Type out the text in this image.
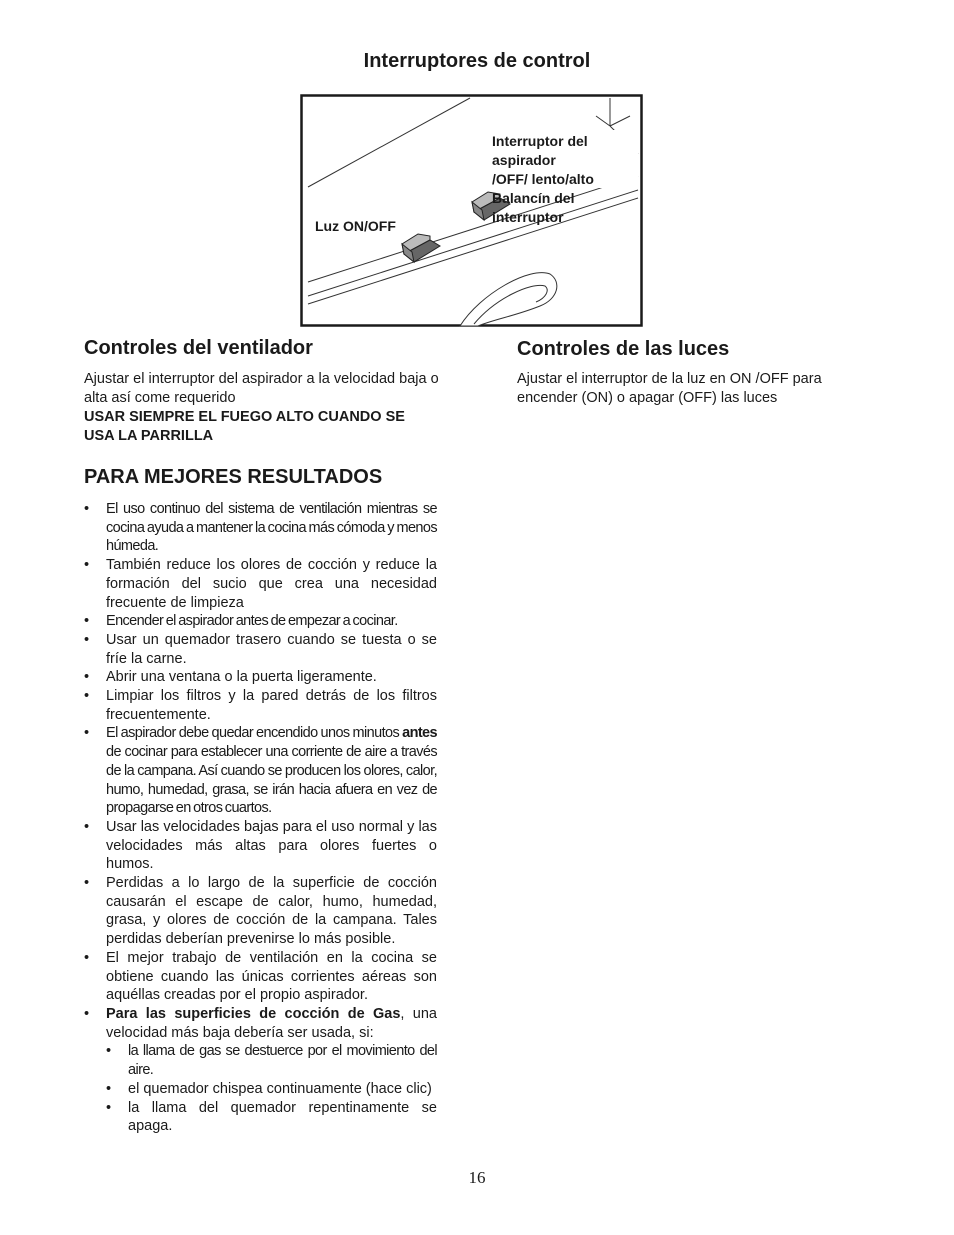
Interruptores de control
Interruptor del aspirador
/OFF/ lento/alto
Balancín del interruptor
Luz ON/OFF
Controles del ventilador
Ajustar el interruptor del aspirador a la velocidad baja o alta así come requerido
USAR SIEMPRE EL FUEGO ALTO CUANDO SE USA LA PARRILLA
Controles de las luces
Ajustar el interruptor de la luz en ON /OFF para encender (ON) o apagar (OFF) las luces
PARA MEJORES RESULTADOS
• El uso continuo del sistema de ventilación mientras se cocina ayuda a mantener la cocina más cómoda y menos húmeda.
• También reduce los olores de cocción y reduce la formación del sucio que crea una necesidad frecuente de limpieza
• Encender el aspirador antes de empezar a cocinar.
• Usar un quemador trasero cuando se tuesta o se fríe la carne.
• Abrir una ventana o la puerta ligeramente.
• Limpiar los filtros y la pared detrás de los filtros frecuentemente.
• El aspirador debe quedar encendido unos minutos antes de cocinar para establecer una corriente de aire a través de la campana. Así cuando se producen los olores, calor, humo, humedad, grasa, se irán hacia afuera en vez de propagarse en otros cuartos.
• Usar las velocidades bajas para el uso normal y las velocidades más altas para olores fuertes o humos.
• Perdidas a lo largo de la superficie de cocción causarán el escape de calor, humo, humedad, grasa, y olores de cocción de la campana. Tales perdidas deberían prevenirse lo más posible.
• El mejor trabajo de ventilación en la cocina se obtiene cuando las únicas corrientes aéreas son aquéllas creadas por el propio aspirador.
• Para las superficies de cocción de Gas, una velocidad más baja debería ser usada, si:
• la llama de gas se destuerce por el movimiento del aire.
• el quemador chispea continuamente (hace clic)
• la llama del quemador repentinamente se apaga.
16
